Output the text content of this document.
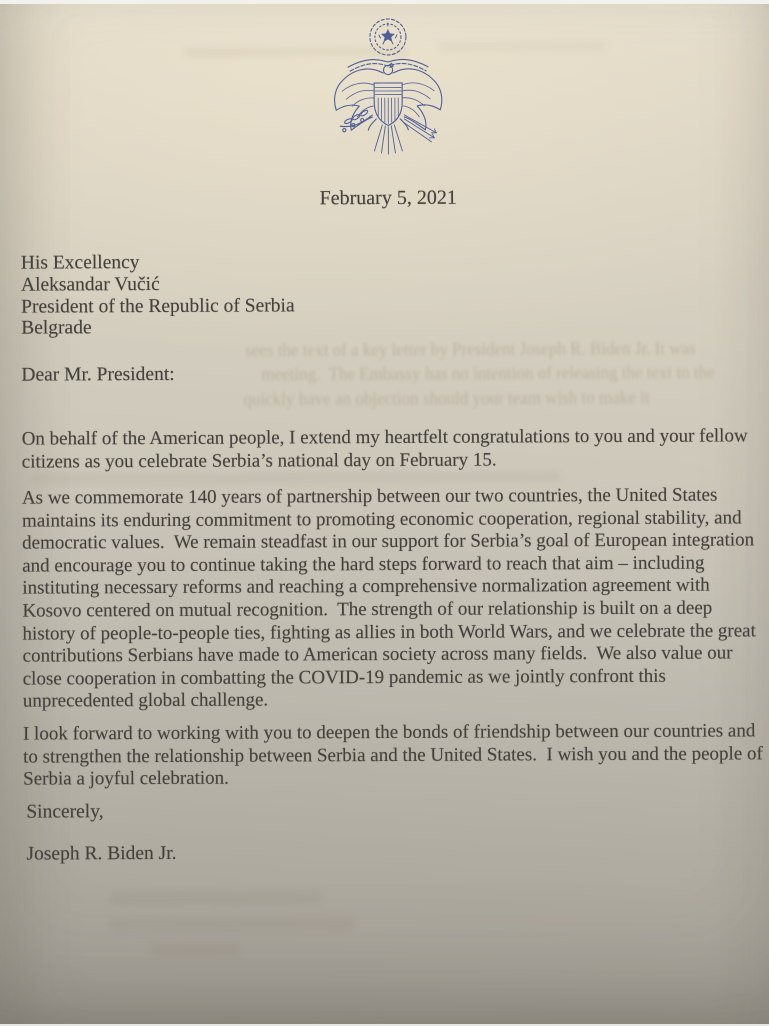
February 5, 2021
His Excellency
Aleksandar Vučić
President of the Republic of Serbia
Belgrade
Dear Mr. President:
On behalf of the American people, I extend my heartfelt congratulations to you and your fellow
citizens as you celebrate Serbia’s national day on February 15.
As we commemorate 140 years of partnership between our two countries, the United States
maintains its enduring commitment to promoting economic cooperation, regional stability, and
democratic values.  We remain steadfast in our support for Serbia’s goal of European integration
and encourage you to continue taking the hard steps forward to reach that aim – including
instituting necessary reforms and reaching a comprehensive normalization agreement with
Kosovo centered on mutual recognition.  The strength of our relationship is built on a deep
history of people-to-people ties, fighting as allies in both World Wars, and we celebrate the great
contributions Serbians have made to American society across many fields.  We also value our
close cooperation in combatting the COVID-19 pandemic as we jointly confront this
unprecedented global challenge.
I look forward to working with you to deepen the bonds of friendship between our countries and
to strengthen the relationship between Serbia and the United States.  I wish you and the people of
Serbia a joyful celebration.
Sincerely,
Joseph R. Biden Jr.
sees the text of a key letter by President Joseph R. Biden Jr. It was
meeting.  The Embassy has no intention of releasing the text to the
quickly have an objection should your team wish to make it
